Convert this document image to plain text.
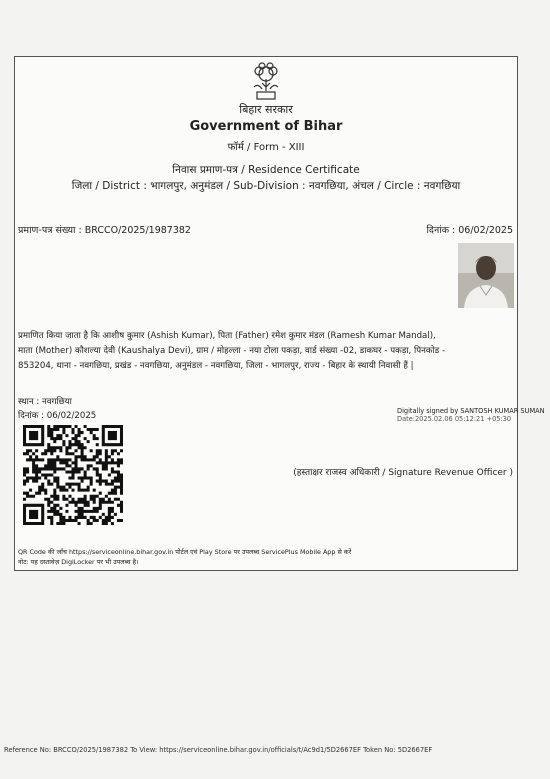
बिहार सरकार
Government of Bihar
फॉर्म / Form - XIII
निवास प्रमाण-पत्र / Residence Certificate
जिला / District : भागलपुर, अनुमंडल / Sub-Division : नवगछिया, अंचल / Circle : नवगछिया
प्रमाण-पत्र संख्या : BRCCO/2025/1987382	दिनांक : 06/02/2025

प्रमाणित किया जाता है कि आशीष कुमार (Ashish Kumar), पिता (Father) रमेश कुमार मंडल (Ramesh Kumar Mandal),

माता (Mother) कौशल्या देवी (Kaushalya Devi), ग्राम / मोहल्ला - नया टोला पकड़ा, वार्ड संख्या -02, डाकघर - पकड़ा, पिनकोड -

853204, थाना - नवगछिया, प्रखंड - नवगछिया, अनुमंडल - नवगछिया, जिला - भागलपुर, राज्य - बिहार के स्थायी निवासी हैं |

स्थान : नवगछिया
दिनांक : 06/02/2025	Digitally signed by SANTOSH KUMAR SUMAN
Date:2025.02.06 05:12:21 +05:30
(हस्ताक्षर राजस्व अधिकारी / Signature Revenue Officer )
QR Code की जाँच https://serviceonline.bihar.gov.in पोर्टल एवं Play Store पर उपलब्ध ServicePlus Mobile App से करें
नोट: यह दस्तावेज़ DigiLocker पर भी उपलब्ध है।
Reference No: BRCCO/2025/1987382 To View: https://serviceonline.bihar.gov.in/officials/t/Ac9d1/5D2667EF Token No: 5D2667EF
